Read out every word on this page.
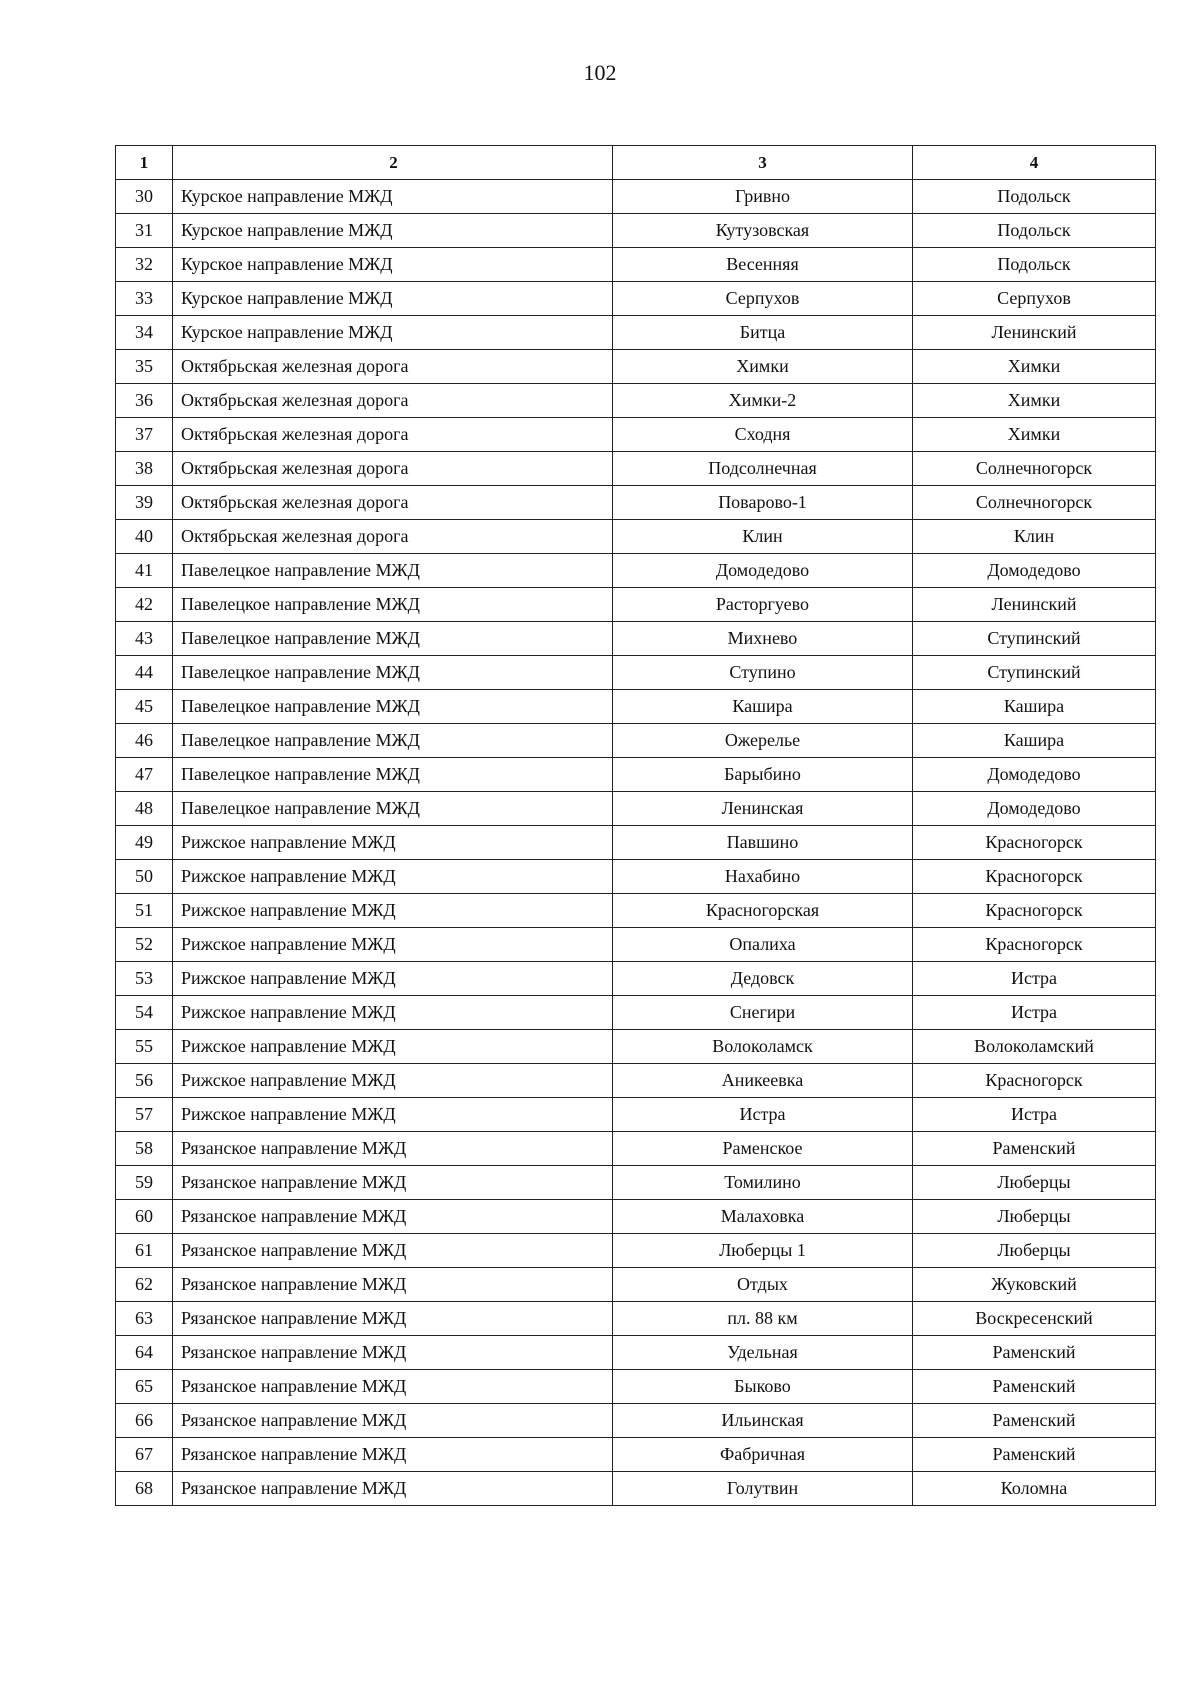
102
1	2	3	4
30	Курское направление МЖД	Гривно	Подольск
31	Курское направление МЖД	Кутузовская	Подольск
32	Курское направление МЖД	Весенняя	Подольск
33	Курское направление МЖД	Серпухов	Серпухов
34	Курское направление МЖД	Битца	Ленинский
35	Октябрьская железная дорога	Химки	Химки
36	Октябрьская железная дорога	Химки-2	Химки
37	Октябрьская железная дорога	Сходня	Химки
38	Октябрьская железная дорога	Подсолнечная	Солнечногорск
39	Октябрьская железная дорога	Поварово-1	Солнечногорск
40	Октябрьская железная дорога	Клин	Клин
41	Павелецкое направление МЖД	Домодедово	Домодедово
42	Павелецкое направление МЖД	Расторгуево	Ленинский
43	Павелецкое направление МЖД	Михнево	Ступинский
44	Павелецкое направление МЖД	Ступино	Ступинский
45	Павелецкое направление МЖД	Кашира	Кашира
46	Павелецкое направление МЖД	Ожерелье	Кашира
47	Павелецкое направление МЖД	Барыбино	Домодедово
48	Павелецкое направление МЖД	Ленинская	Домодедово
49	Рижское направление МЖД	Павшино	Красногорск
50	Рижское направление МЖД	Нахабино	Красногорск
51	Рижское направление МЖД	Красногорская	Красногорск
52	Рижское направление МЖД	Опалиха	Красногорск
53	Рижское направление МЖД	Дедовск	Истра
54	Рижское направление МЖД	Снегири	Истра
55	Рижское направление МЖД	Волоколамск	Волоколамский
56	Рижское направление МЖД	Аникеевка	Красногорск
57	Рижское направление МЖД	Истра	Истра
58	Рязанское направление МЖД	Раменское	Раменский
59	Рязанское направление МЖД	Томилино	Люберцы
60	Рязанское направление МЖД	Малаховка	Люберцы
61	Рязанское направление МЖД	Люберцы 1	Люберцы
62	Рязанское направление МЖД	Отдых	Жуковский
63	Рязанское направление МЖД	пл. 88 км	Воскресенский
64	Рязанское направление МЖД	Удельная	Раменский
65	Рязанское направление МЖД	Быково	Раменский
66	Рязанское направление МЖД	Ильинская	Раменский
67	Рязанское направление МЖД	Фабричная	Раменский
68	Рязанское направление МЖД	Голутвин	Коломна
